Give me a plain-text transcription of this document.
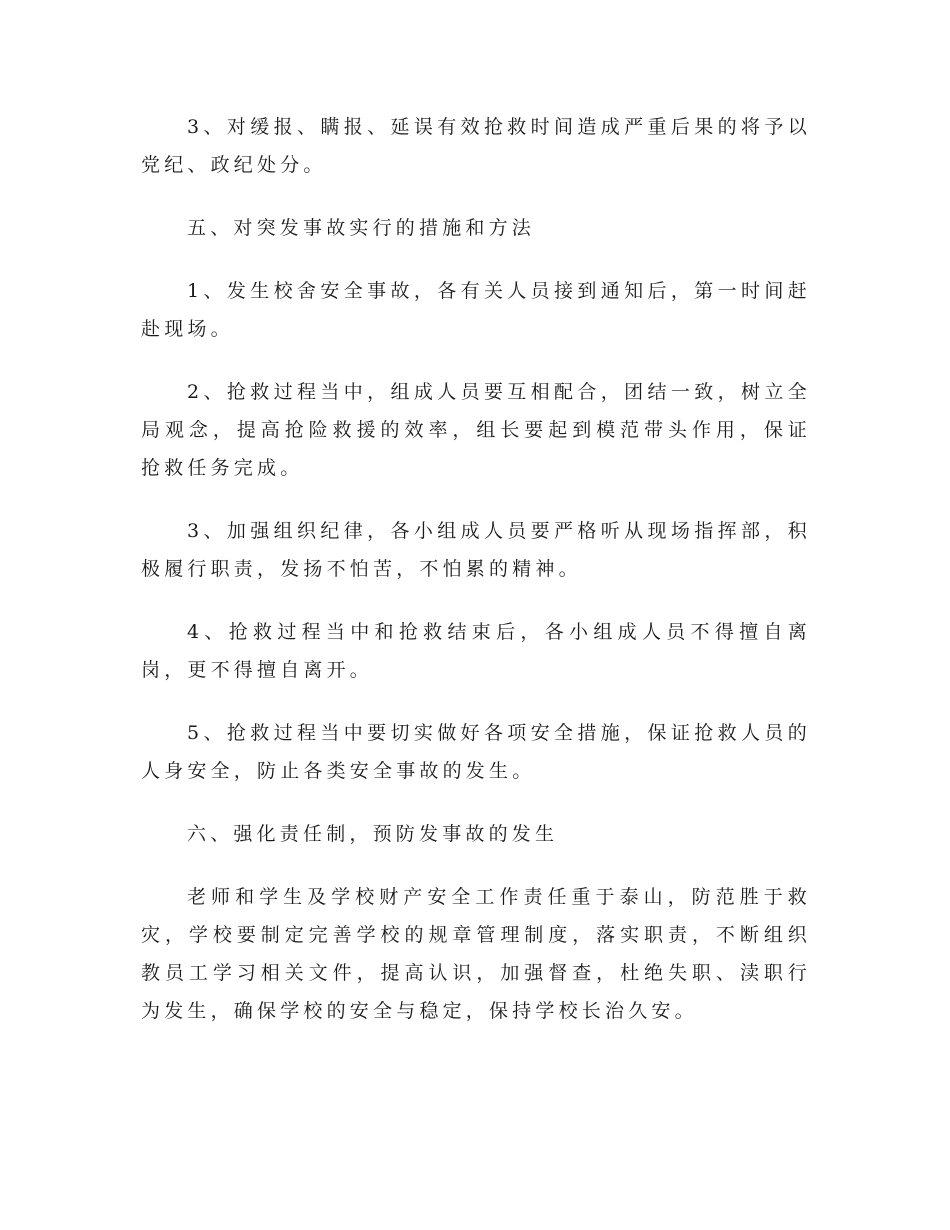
3、对缓报、瞒报、延误有效抢救时间造成严重后果的将予以党纪、政纪处分。

五、对突发事故实行的措施和方法

1、发生校舍安全事故，各有关人员接到通知后，第一时间赶赴现场。

2、抢救过程当中，组成人员要互相配合，团结一致，树立全局观念，提高抢险救援的效率，组长要起到模范带头作用，保证抢救任务完成。

3、加强组织纪律，各小组成人员要严格听从现场指挥部，积极履行职责，发扬不怕苦，不怕累的精神。

4、抢救过程当中和抢救结束后，各小组成人员不得擅自离岗，更不得擅自离开。

5、抢救过程当中要切实做好各项安全措施，保证抢救人员的人身安全，防止各类安全事故的发生。

六、强化责任制，预防发事故的发生

老师和学生及学校财产安全工作责任重于泰山，防范胜于救灾，学校要制定完善学校的规章管理制度，落实职责，不断组织教员工学习相关文件，提高认识，加强督查，杜绝失职、渎职行为发生，确保学校的安全与稳定，保持学校长治久安。
